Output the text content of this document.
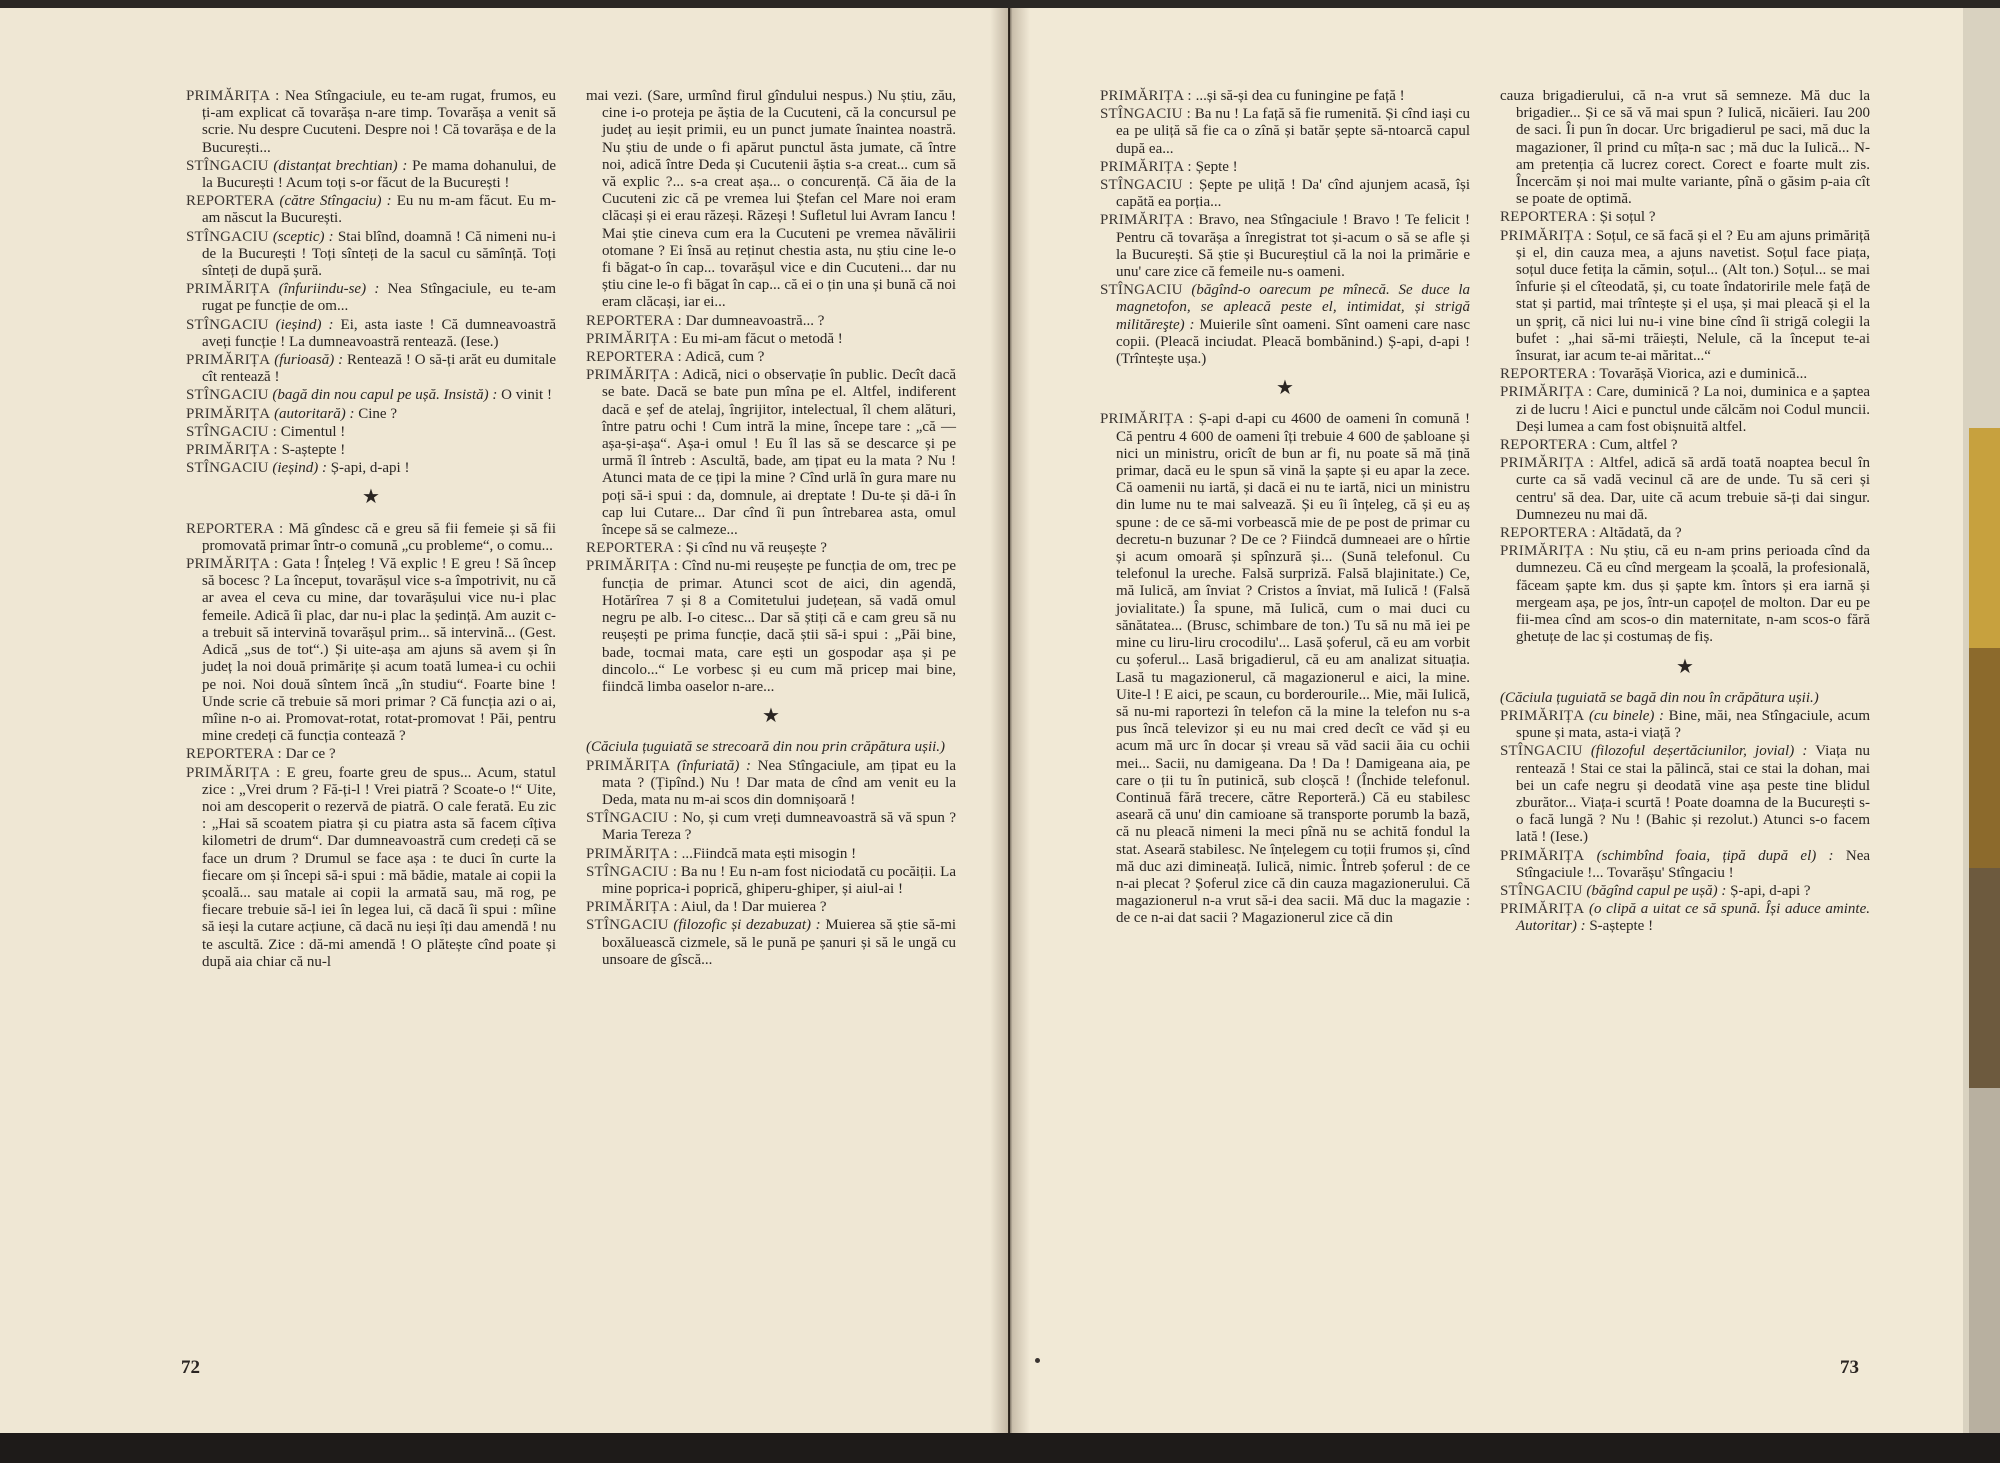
PRIMĂRIȚA : Nea Stîngaciule, eu te-am rugat, frumos, eu ți-am explicat că tovarășa n-are timp. Tovarășa a venit să scrie. Nu despre Cucuteni. Despre noi ! Că tovarășa e de la București...

STÎNGACIU (distanțat brechtian) : Pe mama dohanului, de la București ! Acum toți s-or făcut de la București !

REPORTERA (către Stîngaciu) : Eu nu m-am făcut. Eu m-am născut la București.

STÎNGACIU (sceptic) : Stai blînd, doamnă ! Că nimeni nu-i de la București ! Toți sînteți de la sacul cu sămînță. Toți sînteți de după șură.

PRIMĂRIȚA (înfuriindu-se) : Nea Stîngaciule, eu te-am rugat pe funcție de om...

STÎNGACIU (ieșind) : Ei, asta iaste ! Că dumneavoastră aveți funcție ! La dumneavoastră rentează. (Iese.)

PRIMĂRIȚA (furioasă) : Rentează ! O să-ți arăt eu dumitale cît rentează !

STÎNGACIU (bagă din nou capul pe ușă. Insistă) : O vinit !

PRIMĂRIȚA (autoritară) : Cine ?

STÎNGACIU : Cimentul !

PRIMĂRIȚA : S-aștepte !

STÎNGACIU (ieșind) : Ș-api, d-api !

★

REPORTERA : Mă gîndesc că e greu să fii femeie și să fii promovată primar într-o comună „cu probleme“, o comu...

PRIMĂRIȚA : Gata ! Înțeleg ! Vă explic ! E greu ! Să încep să bocesc ? La început, tovarășul vice s-a împotrivit, nu că ar avea el ceva cu mine, dar tovarășului vice nu-i plac femeile. Adică îi plac, dar nu-i plac la ședință. Am auzit c-a trebuit să intervină tovarășul prim... să intervină... (Gest. Adică „sus de tot“.) Și uite-așa am ajuns să avem și în județ la noi două primărițe și acum toată lumea-i cu ochii pe noi. Noi două sîntem încă „în studiu“. Foarte bine ! Unde scrie că trebuie să mori primar ? Că funcția azi o ai, mîine n-o ai. Promovat-rotat, rotat-promovat ! Păi, pentru mine credeți că funcția contează ?

REPORTERA : Dar ce ?

PRIMĂRIȚA : E greu, foarte greu de spus... Acum, statul zice : „Vrei drum ? Fă-ți-l ! Vrei piatră ? Scoate-o !“ Uite, noi am descoperit o rezervă de piatră. O cale ferată. Eu zic : „Hai să scoatem piatra și cu piatra asta să facem cîțiva kilometri de drum“. Dar dumneavoastră cum credeți că se face un drum ? Drumul se face așa : te duci în curte la fiecare om și începi să-i spui : mă bădie, matale ai copii la școală... sau matale ai copii la armată sau, mă rog, pe fiecare trebuie să-l iei în legea lui, că dacă îi spui : mîine să ieși la cutare acțiune, că dacă nu ieși îți dau amendă ! nu te ascultă. Zice : dă-mi amendă ! O plătește cînd poate și după aia chiar că nu-l

mai vezi. (Sare, urmînd firul gîndului nespus.) Nu știu, zău, cine i-o proteja pe ăștia de la Cucuteni, că la concursul pe județ au ieșit primii, eu un punct jumate înaintea noastră. Nu știu de unde o fi apărut punctul ăsta jumate, că între noi, adică între Deda și Cucutenii ăștia s-a creat... cum să vă explic ?... s-a creat așa... o concurență. Că ăia de la Cucuteni zic că pe vremea lui Ștefan cel Mare noi eram clăcași și ei erau răzeși. Răzeși ! Sufletul lui Avram Iancu ! Mai știe cineva cum era la Cucuteni pe vremea năvălirii otomane ? Ei însă au reținut chestia asta, nu știu cine le-o fi băgat-o în cap... tovarășul vice e din Cucuteni... dar nu știu cine le-o fi băgat în cap... că ei o țin una și bună că noi eram clăcași, iar ei...

REPORTERA : Dar dumneavoastră... ?

PRIMĂRIȚA : Eu mi-am făcut o metodă !

REPORTERA : Adică, cum ?

PRIMĂRIȚA : Adică, nici o observație în public. Decît dacă se bate. Dacă se bate pun mîna pe el. Altfel, indiferent dacă e șef de atelaj, îngrijitor, intelectual, îl chem alături, între patru ochi ! Cum intră la mine, începe tare : „că — așa-și-așa“. Așa-i omul ! Eu îl las să se descarce și pe urmă îl întreb : Ascultă, bade, am țipat eu la mata ? Nu ! Atunci mata de ce țipi la mine ? Cînd urlă în gura mare nu poți să-i spui : da, domnule, ai dreptate ! Du-te și dă-i în cap lui Cutare... Dar cînd îi pun întrebarea asta, omul începe să se calmeze...

REPORTERA : Și cînd nu vă reușește ?

PRIMĂRIȚA : Cînd nu-mi reușește pe funcția de om, trec pe funcția de primar. Atunci scot de aici, din agendă, Hotărîrea 7 și 8 a Comitetului județean, să vadă omul negru pe alb. I-o citesc... Dar să știți că e cam greu să nu reușești pe prima funcție, dacă știi să-i spui : „Păi bine, bade, tocmai mata, care ești un gospodar așa și pe dincolo...“ Le vorbesc și eu cum mă pricep mai bine, fiindcă limba oaselor n-are...

★

(Căciula țuguiată se strecoară din nou prin crăpătura ușii.)

PRIMĂRIȚA (înfuriată) : Nea Stîngaciule, am țipat eu la mata ? (Țipînd.) Nu ! Dar mata de cînd am venit eu la Deda, mata nu m-ai scos din domnișoară !

STÎNGACIU : No, și cum vreți dumneavoastră să vă spun ? Maria Tereza ?

PRIMĂRIȚA : ...Fiindcă mata ești misogin !

STÎNGACIU : Ba nu ! Eu n-am fost niciodată cu pocăiții. La mine poprica-i poprică, ghiperu-ghiper, și aiul-ai !

PRIMĂRIȚA : Aiul, da ! Dar muierea ?

STÎNGACIU (filozofic și dezabuzat) : Muierea să știe să-mi boxăluească cizmele, să le pună pe șanuri și să le ungă cu unsoare de gîscă...

72

PRIMĂRIȚA : ...și să-și dea cu funingine pe față !

STÎNGACIU : Ba nu ! La față să fie rumenită. Și cînd iași cu ea pe uliță să fie ca o zînă și batăr șepte să-ntoarcă capul după ea...

PRIMĂRIȚA : Șepte !

STÎNGACIU : Șepte pe uliță ! Da' cînd ajunjem acasă, își capătă ea porția...

PRIMĂRIȚA : Bravo, nea Stîngaciule ! Bravo ! Te felicit ! Pentru că tovarășa a înregistrat tot și-acum o să se afle și la București. Să știe și Bucureștiul că la noi la primărie e unu' care zice că femeile nu-s oameni.

STÎNGACIU (băgînd-o oarecum pe mînecă. Se duce la magnetofon, se apleacă peste el, intimidat, și strigă milităreşte) : Muierile sînt oameni. Sînt oameni care nasc copii. (Pleacă inciudat. Pleacă bombănind.) Ș-api, d-api ! (Trîntește ușa.)

★

PRIMĂRIȚA : Ș-api d-api cu 4600 de oameni în comună ! Că pentru 4 600 de oameni îți trebuie 4 600 de șabloane și nici un ministru, oricît de bun ar fi, nu poate să mă țină primar, dacă eu le spun să vină la șapte și eu apar la zece. Că oamenii nu iartă, și dacă ei nu te iartă, nici un ministru din lume nu te mai salvează. Și eu îi înțeleg, că și eu aș spune : de ce să-mi vorbească mie de pe post de primar cu decretu-n buzunar ? De ce ? Fiindcă dumneaei are o hîrtie și acum omoară și spînzură și... (Sună telefonul. Cu telefonul la ureche. Falsă surpriză. Falsă blajinitate.) Ce, mă Iulică, am înviat ? Cristos a înviat, mă Iulică ! (Falsă jovialitate.) Îa spune, mă Iulică, cum o mai duci cu sănătatea... (Brusc, schimbare de ton.) Tu să nu mă iei pe mine cu liru-liru crocodilu'... Lasă șoferul, că eu am vorbit cu șoferul... Lasă brigadierul, că eu am analizat situația. Lasă tu magazionerul, că magazionerul e aici, la mine. Uite-l ! E aici, pe scaun, cu borderourile... Mie, măi Iulică, să nu-mi raportezi în telefon că la mine la telefon nu s-a pus încă televizor și eu nu mai cred decît ce văd și eu acum mă urc în docar și vreau să văd sacii ăia cu ochii mei... Sacii, nu damigeana. Da ! Da ! Damigeana aia, pe care o ții tu în putinică, sub cloșcă ! (Închide telefonul. Continuă fără trecere, către Reporteră.) Că eu stabilesc aseară că unu' din camioane să transporte porumb la bază, că nu pleacă nimeni la meci pînă nu se achită fondul la stat. Aseară stabilesc. Ne înțelegem cu toții frumos și, cînd mă duc azi dimineață. Iulică, nimic. Întreb șoferul : de ce n-ai plecat ? Șoferul zice că din cauza magazionerului. Că magazionerul n-a vrut să-i dea sacii. Mă duc la magazie : de ce n-ai dat sacii ? Magazionerul zice că din

cauza brigadierului, că n-a vrut să semneze. Mă duc la brigadier... Și ce să vă mai spun ? Iulică, nicăieri. Iau 200 de saci. Îi pun în docar. Urc brigadierul pe saci, mă duc la magazioner, îl prind cu mîța-n sac ; mă duc la Iulică... N-am pretenția că lucrez corect. Corect e foarte mult zis. Încercăm și noi mai multe variante, pînă o găsim p-aia cît se poate de optimă.

REPORTERA : Și soțul ?

PRIMĂRIȚA : Soțul, ce să facă și el ? Eu am ajuns primăriță și el, din cauza mea, a ajuns navetist. Soțul face piața, soțul duce fetița la cămin, soțul... (Alt ton.) Soțul... se mai înfurie și el cîteodată, și, cu toate îndatoririle mele față de stat și partid, mai trîntește și el ușa, și mai pleacă și el la un șpriț, că nici lui nu-i vine bine cînd îi strigă colegii la bufet : „hai să-mi trăiești, Nelule, că la început te-ai însurat, iar acum te-ai măritat...“

REPORTERA : Tovarășă Viorica, azi e duminică...

PRIMĂRIȚA : Care, duminică ? La noi, duminica e a șaptea zi de lucru ! Aici e punctul unde călcăm noi Codul muncii. Deși lumea a cam fost obișnuită altfel.

REPORTERA : Cum, altfel ?

PRIMĂRIȚA : Altfel, adică să ardă toată noaptea becul în curte ca să vadă vecinul că are de unde. Tu să ceri și centru' să dea. Dar, uite că acum trebuie să-ți dai singur. Dumnezeu nu mai dă.

REPORTERA : Altădată, da ?

PRIMĂRIȚA : Nu știu, că eu n-am prins perioada cînd da dumnezeu. Că eu cînd mergeam la școală, la profesională, făceam șapte km. dus și șapte km. întors și era iarnă și mergeam așa, pe jos, într-un capoțel de molton. Dar eu pe fii-mea cînd am scos-o din maternitate, n-am scos-o fără ghetuțe de lac și costumaș de fiș.

★

(Căciula țuguiată se bagă din nou în crăpătura ușii.)

PRIMĂRIȚA (cu binele) : Bine, măi, nea Stîngaciule, acum spune și mata, asta-i viață ?

STÎNGACIU (filozoful deșertăciunilor, jovial) : Viața nu rentează ! Stai ce stai la pălincă, stai ce stai la dohan, mai bei un cafe negru și deodată vine așa peste tine blidul zburător... Viața-i scurtă ! Poate doamna de la București s-o facă lungă ? Nu ! (Bahic și rezolut.) Atunci s-o facem lată ! (Iese.)

PRIMĂRIȚA (schimbînd foaia, țipă după el) : Nea Stîngaciule !... Tovarășu' Stîngaciu !

STÎNGACIU (băgînd capul pe ușă) : Ș-api, d-api ?

PRIMĂRIȚA (o clipă a uitat ce să spună. Își aduce aminte. Autoritar) : S-aștepte !

73
